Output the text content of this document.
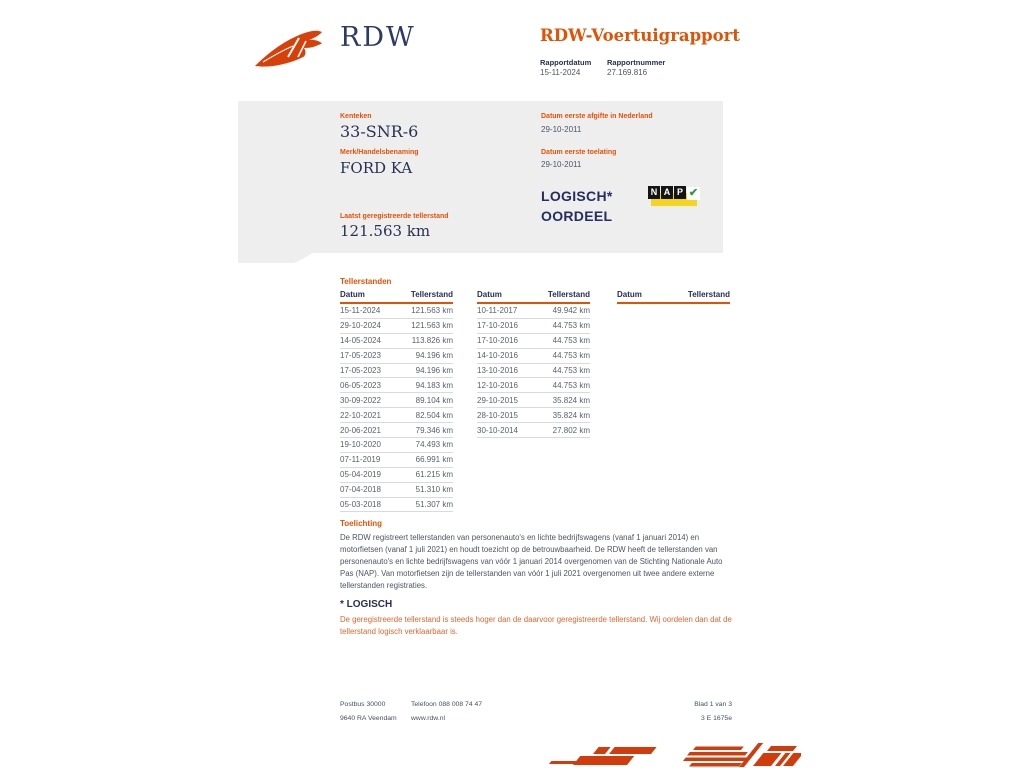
RDW	RDW-Voertuigrapport
Rapportdatum Rapportnummer
15-11-2024	27.169.816
Kenteken
33-SNR-6
Merk/Handelsbenaming
FORD KA
Laatst geregistreerde tellerstand
121.563 km
Datum eerste afgifte in Nederland
29-10-2011
Datum eerste toelating
29-10-2011
LOGISCH*
OORDEEL
N A P ✔
Tellerstanden
Datum	Tellerstand
15-11-2024	121.563 km
29-10-2024	121.563 km
14-05-2024	113.826 km
17-05-2023	94.196 km
17-05-2023	94.196 km
06-05-2023	94.183 km
30-09-2022	89.104 km
22-10-2021	82.504 km
20-06-2021	79.346 km
19-10-2020	74.493 km
07-11-2019	66.991 km
05-04-2019	61.215 km
07-04-2018	51.310 km
05-03-2018	51.307 km
Datum	Tellerstand
10-11-2017	49.942 km
17-10-2016	44.753 km
17-10-2016	44.753 km
14-10-2016	44.753 km
13-10-2016	44.753 km
12-10-2016	44.753 km
29-10-2015	35.824 km
28-10-2015	35.824 km
30-10-2014	27.802 km
Datum	Tellerstand
Toelichting
De RDW registreert tellerstanden van personenauto's en lichte bedrijfswagens (vanaf 1 januari 2014) en motorfietsen (vanaf 1 juli 2021) en houdt toezicht op de betrouwbaarheid. De RDW heeft de tellerstanden van personenauto's en lichte bedrijfswagens van vóór 1 januari 2014 overgenomen van de Stichting Nationale Auto Pas (NAP). Van motorfietsen zijn de tellerstanden van vóór 1 juli 2021 overgenomen uit twee andere externe tellerstanden registraties.
* LOGISCH
De geregistreerde tellerstand is steeds hoger dan de daarvoor geregistreerde tellerstand. Wij oordelen dan dat de tellerstand logisch verklaarbaar is.
Postbus 30000
9640 RA Veendam
Telefoon 088 008 74 47
www.rdw.nl
Blad 1 van 3
3 E 1675e
